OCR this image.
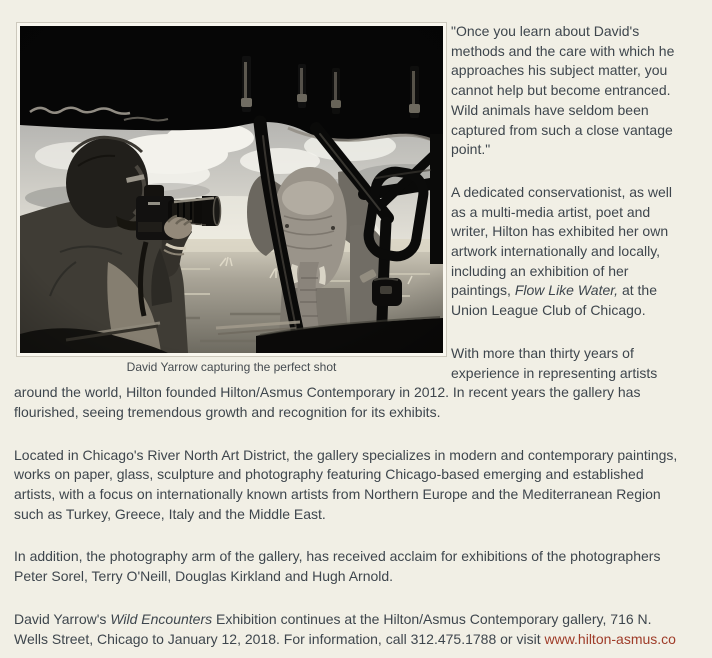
David Yarrow capturing the perfect shot

"Once you learn about David's methods and the care with which he approaches his subject matter, you cannot help but become entranced. Wild animals have seldom been captured from such a close vantage point."

A dedicated conservationist, as well as a multi-media artist, poet and writer, Hilton has exhibited her own artwork internationally and locally, including an exhibition of her paintings, Flow Like Water, at the Union League Club of Chicago.

With more than thirty years of experience in representing artists around the world, Hilton founded Hilton/Asmus Contemporary in 2012. In recent years the gallery has flourished, seeing tremendous growth and recognition for its exhibits.

Located in Chicago's River North Art District, the gallery specializes in modern and contemporary paintings, works on paper, glass, sculpture and photography featuring Chicago-based emerging and established artists, with a focus on internationally known artists from Northern Europe and the Mediterranean Region such as Turkey, Greece, Italy and the Middle East.

In addition, the photography arm of the gallery, has received acclaim for exhibitions of the photographers Peter Sorel, Terry O'Neill, Douglas Kirkland and Hugh Arnold.

David Yarrow's Wild Encounters Exhibition continues at the Hilton/Asmus Contemporary gallery, 716 N. Wells Street, Chicago to January 12, 2018. For information, call 312.475.1788 or visit www.hilton-asmus.co
